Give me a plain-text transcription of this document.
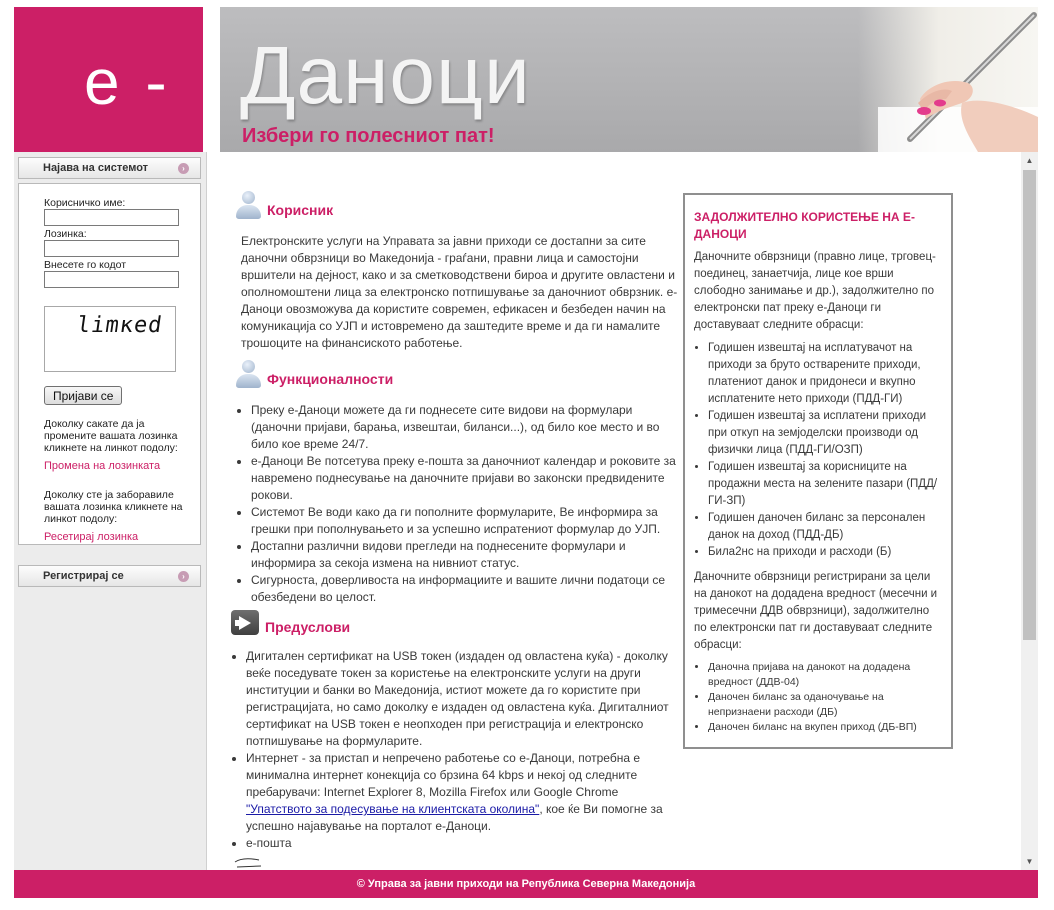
e - Даноци
Избери го полесниот пат!
Најава на системот	›
Корисничко име:
Лозинка:
Внесете го кодот
limκed
Пријави се
Доколку сакате да ја промените вашата лозинка кликнете на линкот подолу:
Промена на лозинката
Доколку сте ја заборавиле вашата лозинка кликнете на линкот подолу:
Ресетирај лозинка
Регистрирај се	›
Корисник
Електронските услуги на Управата за јавни приходи се достапни за сите даночни обврзници во Македонија - граѓани, правни лица и самостојни вршители на дејност, како и за сметководствени бироа и другите овластени и ополномоштени лица за електронско потпишување за даночниот обврзник. е-Даноци овозможува да користите современ, ефикасен и безбеден начин на комуникација со УЈП и истовремено да заштедите време и да ги намалите трошоците на финансиското работење.
Функционалности
• Преку е-Даноци можете да ги поднесете сите видови на формулари (даночни пријави, барања, извештаи, биланси...), од било кое место и во било кое време 24/7.
• е-Даноци Ве потсетува преку е-пошта за даночниот календар и роковите за навремено поднесување на даночните пријави во законски предвидените рокови.
• Системот Ве води како да ги пополните формуларите, Ве информира за грешки при пополнувањето и за успешно испратениот формулар до УЈП.
• Достапни различни видови прегледи на поднесените формулари и информира за секоја измена на нивниот статус.
• Сигурноста, доверливоста на информациите и вашите лични податоци се обезбедени во целост.
Предуслови
• Дигитален сертификат на USB токен (издаден од овластена куќа) - доколку веќе поседувате токен за користење на електронските услуги на други институции и банки во Македонија, истиот можете да го користите при регистрацијата, но само доколку е издаден од овластена куќа. Дигиталниот сертификат на USB токен е неопходен при регистрација и електронско потпишување на формуларите.
• Интернет - за пристап и непречено работење со е-Даноци, потребна е минимална интернет конекција со брзина 64 kbps и некој од следните пребарувачи: Internet Explorer 8, Mozilla Firefox или Google Chrome "Упатството за подесување на клиентската околина", кое ќе Ви помогне за успешно најавување на порталот е-Даноци.
• е-пошта
ЗАДОЛЖИТЕЛНО КОРИСТЕЊЕ НА Е-ДАНОЦИ
Даночните обврзници (правно лице, трговец-поединец, занаетчија, лице кое врши слободно занимање и др.), задолжително по електронски пат преку е-Даноци ги доставуваат следните обрасци:
• Годишен извештај на исплатувачот на приходи за бруто остварените приходи, платениот данок и придонеси и вкупно исплатените нето приходи (ПДД-ГИ)
• Годишен извештај за исплатени приходи при откуп на земјоделски производи од физички лица (ПДД-ГИ/ОЗП)
• Годишен извештај за корисниците на продажни места на зелените пазари (ПДД/ГИ-ЗП)
• Годишен даночен биланс за персонален данок на доход (ПДД-ДБ)
• Била2нс на приходи и расходи (Б)
Даночните обврзници регистрирани за цели на данокот на додадена вредност (месечни и тримесечни ДДВ обврзници), задолжително по електронски пат ги доставуваат следните обрасци:
• Даночна пријава на данокот на додадена вредност (ДДВ-04)
• Даночен биланс за оданочување на непризнаени расходи (ДБ)
• Даночен биланс на вкупен приход (ДБ-ВП)
▲
▼
© Управа за јавни приходи на Република Северна Македонија
